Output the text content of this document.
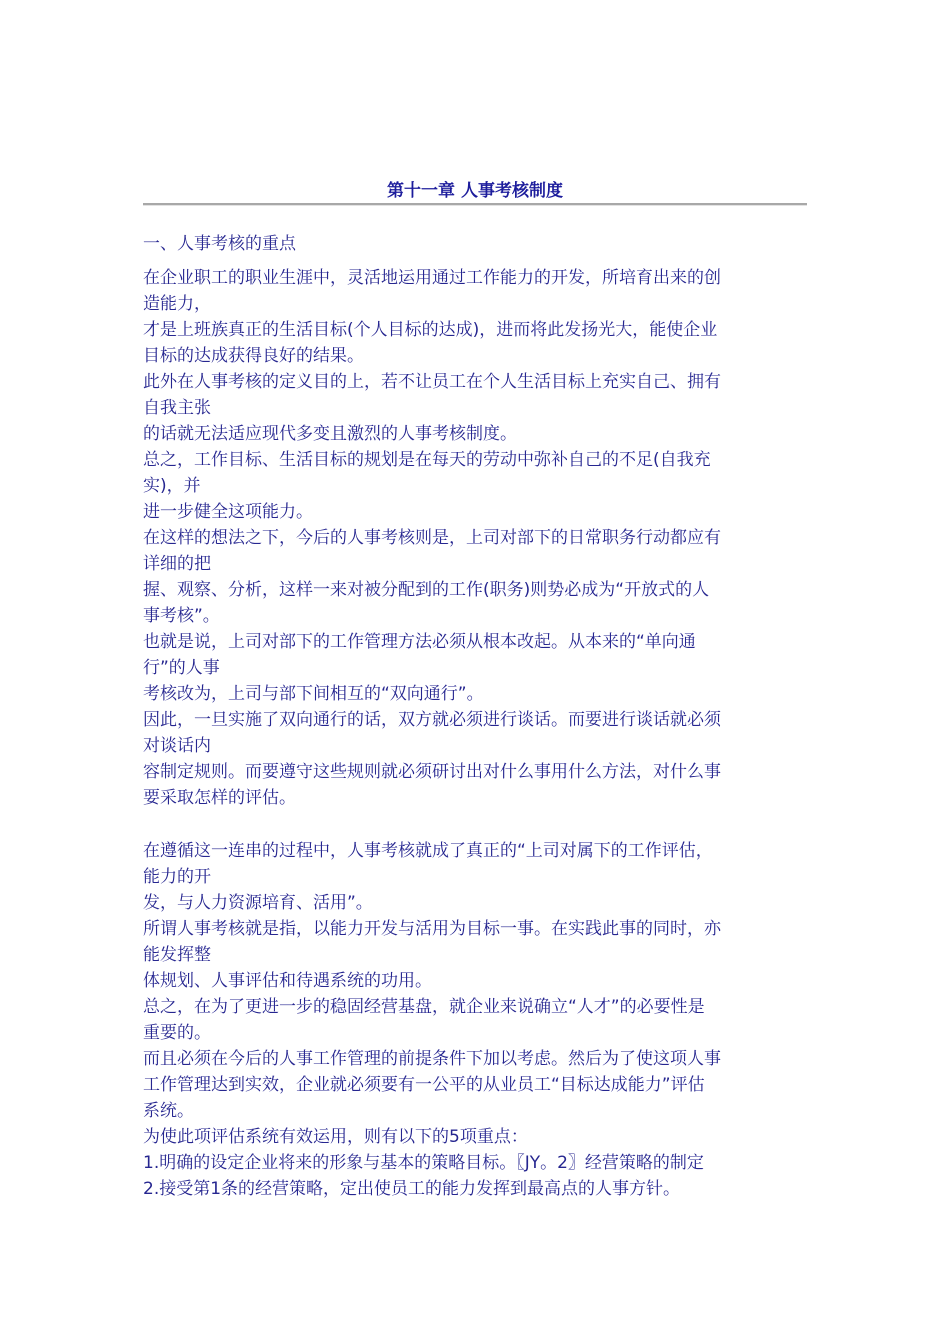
第十一章 人事考核制度
一、人事考核的重点
在企业职工的职业生涯中，灵活地运用通过工作能力的开发，所培育出来的创
造能力，
才是上班族真正的生活目标(个人目标的达成)，进而将此发扬光大，能使企业
目标的达成获得良好的结果。
此外在人事考核的定义目的上，若不让员工在个人生活目标上充实自己、拥有
自我主张
的话就无法适应现代多变且激烈的人事考核制度。
总之，工作目标、生活目标的规划是在每天的劳动中弥补自己的不足(自我充
实)，并
进一步健全这项能力。
在这样的想法之下，今后的人事考核则是，上司对部下的日常职务行动都应有
详细的把
握、观察、分析，这样一来对被分配到的工作(职务)则势必成为“开放式的人
事考核”。
也就是说，上司对部下的工作管理方法必须从根本改起。从本来的“单向通
行”的人事
考核改为，上司与部下间相互的“双向通行”。
因此，一旦实施了双向通行的话，双方就必须进行谈话。而要进行谈话就必须
对谈话内
容制定规则。而要遵守这些规则就必须研讨出对什么事用什么方法，对什么事
要采取怎样的评估。
在遵循这一连串的过程中，人事考核就成了真正的“上司对属下的工作评估，
能力的开
发，与人力资源培育、活用”。
所谓人事考核就是指，以能力开发与活用为目标一事。在实践此事的同时，亦
能发挥整
体规划、人事评估和待遇系统的功用。
总之，在为了更进一步的稳固经营基盘，就企业来说确立“人才”的必要性是
重要的。
而且必须在今后的人事工作管理的前提条件下加以考虑。然后为了使这项人事
工作管理达到实效，企业就必须要有一公平的从业员工“目标达成能力”评估
系统。
为使此项评估系统有效运用，则有以下的5项重点：
1.明确的设定企业将来的形象与基本的策略目标。〖JY。2〗经营策略的制定
2.接受第1条的经营策略，定出使员工的能力发挥到最高点的人事方针。
